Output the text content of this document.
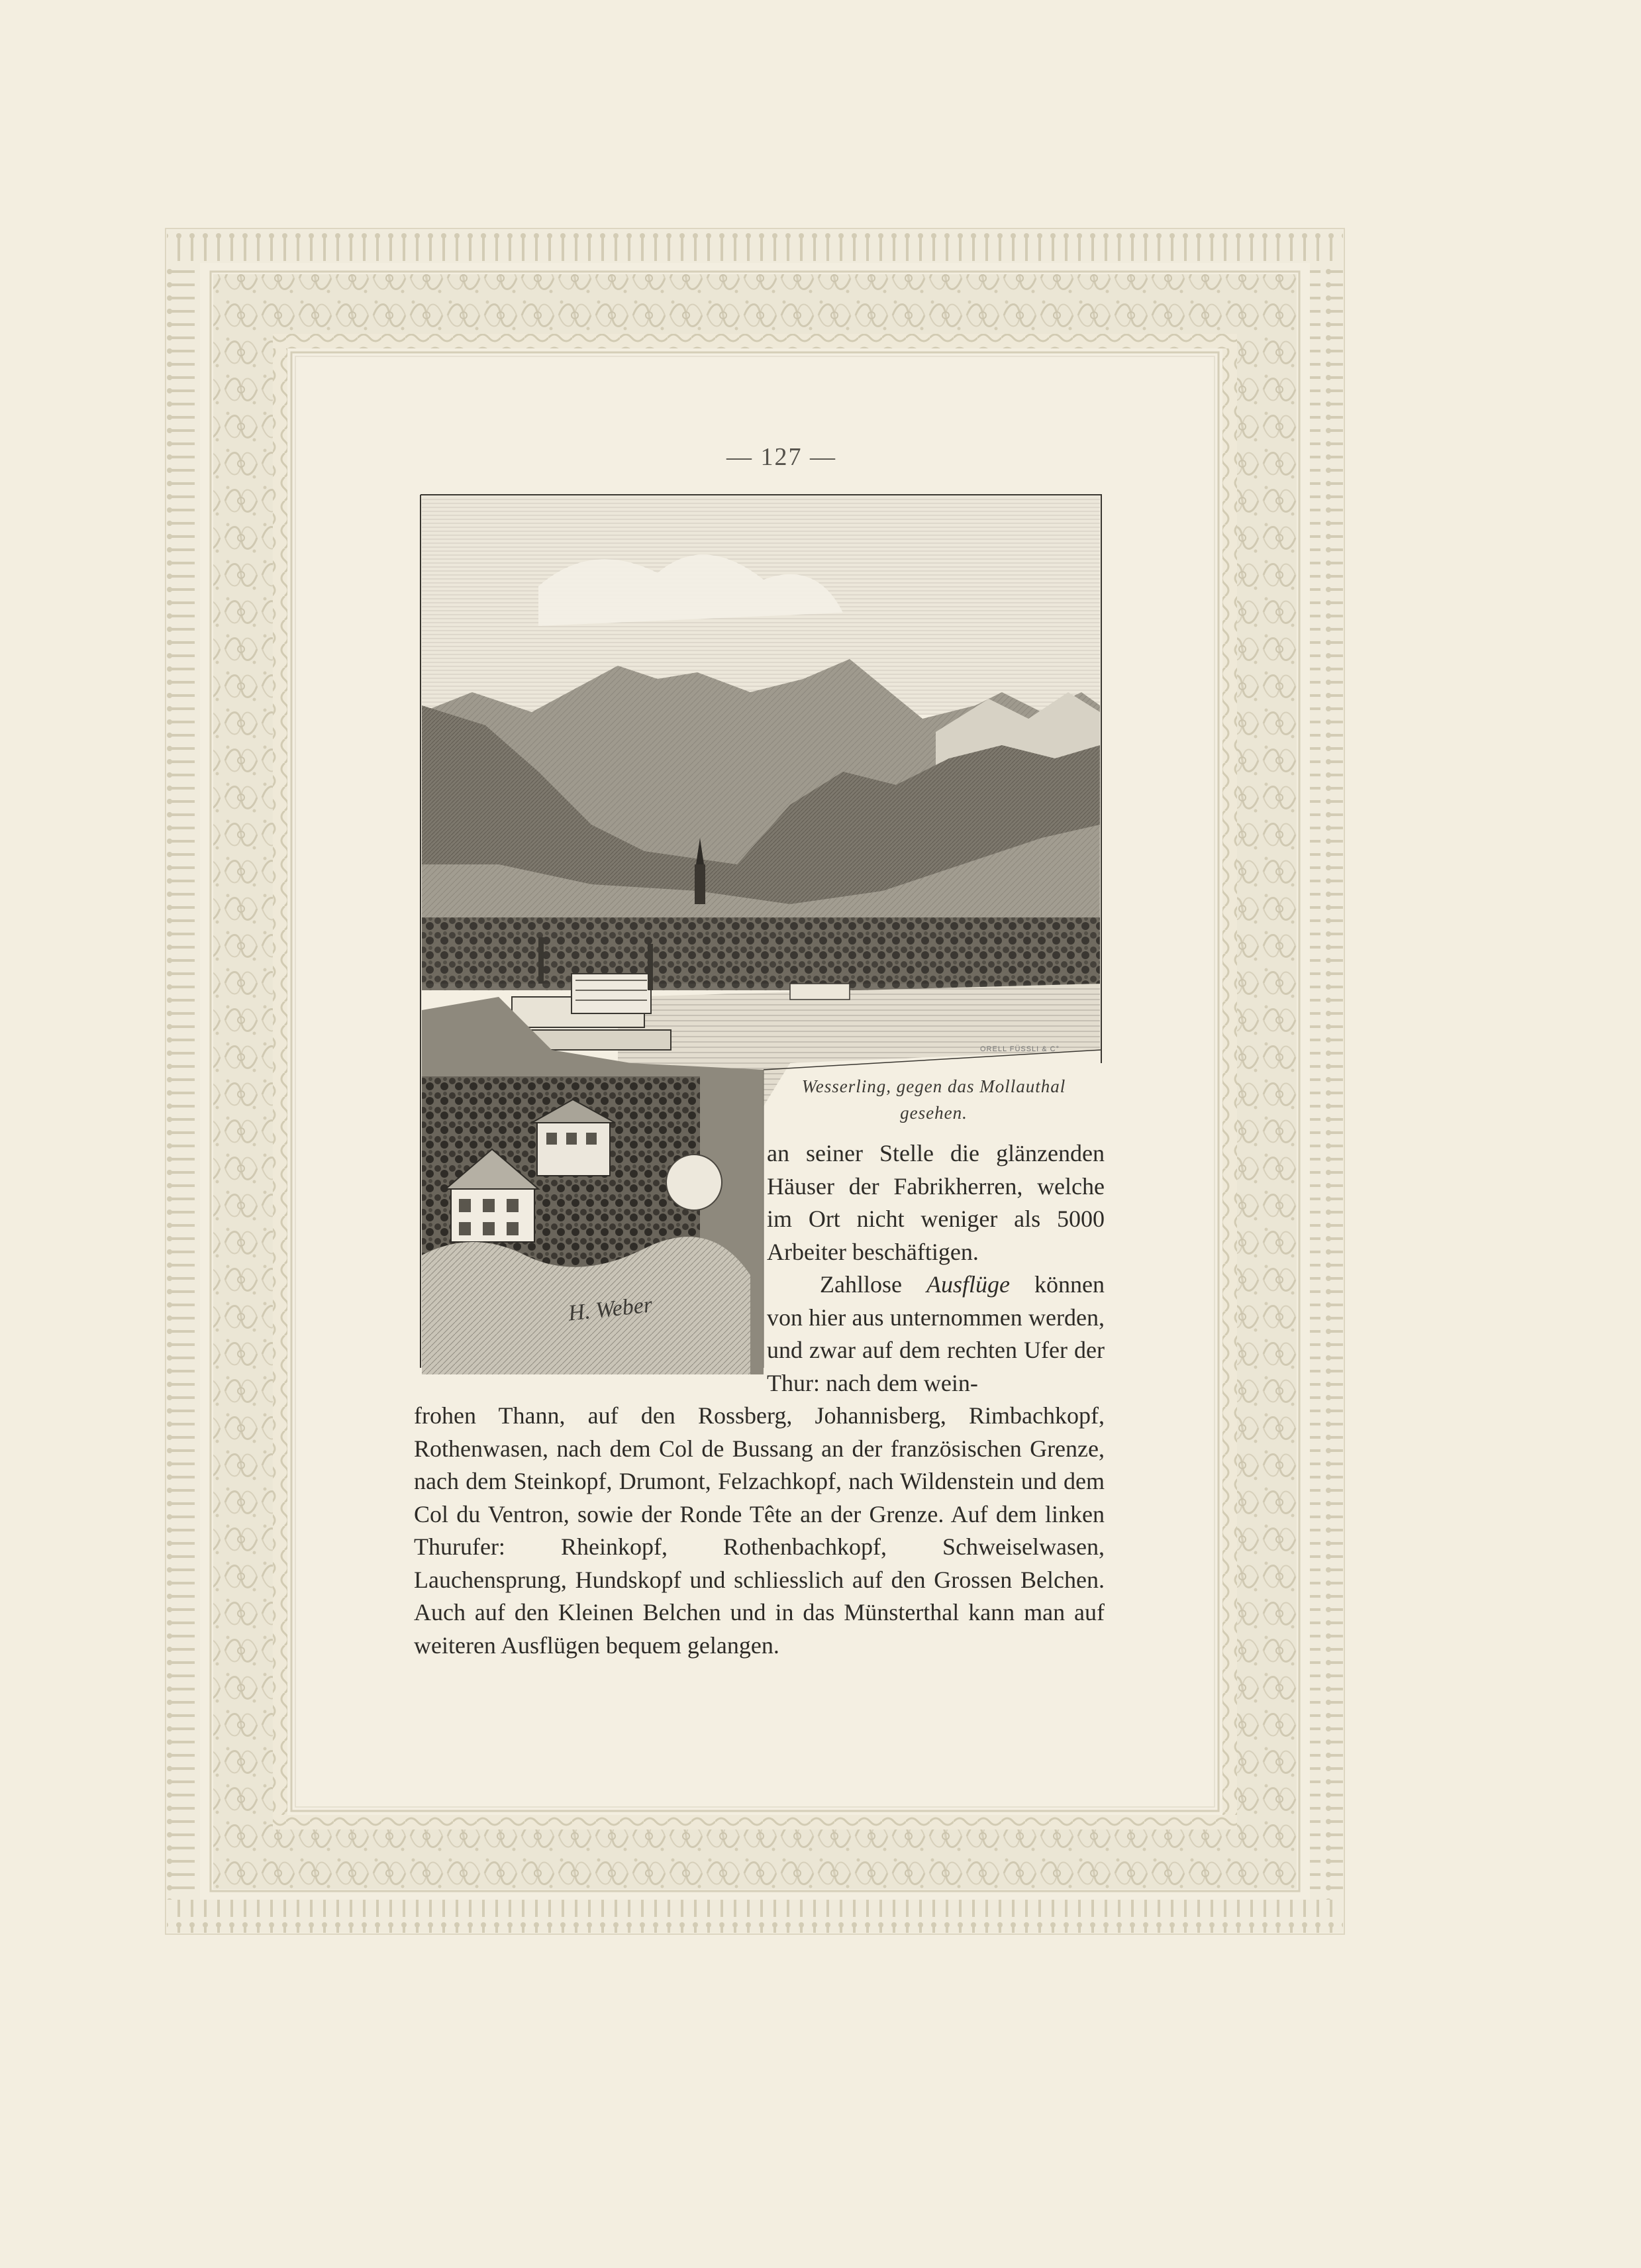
— 127 —
ORELL FÜSSLI & C°
H. Weber
Wesserling, gegen das Mollauthal
gesehen.

an seiner Stelle die glänzenden Häuser der Fabrikherren, welche im Ort nicht weniger als 5000 Arbeiter beschäftigen.

Zahllose Ausflüge können von hier aus unternommen werden, und zwar auf dem rechten Ufer der Thur: nach dem wein-

frohen Thann, auf den Rossberg, Johannisberg, Rimbachkopf, Rothenwasen, nach dem Col de Bussang an der französischen Grenze, nach dem Steinkopf, Drumont, Felzachkopf, nach Wildenstein und dem Col du Ventron, sowie der Ronde Tête an der Grenze. Auf dem linken Thurufer: Rheinkopf, Rothenbachkopf, Schweiselwasen, Lauchensprung, Hundskopf und schliesslich auf den Grossen Belchen. Auch auf den Kleinen Belchen und in das Münsterthal kann man auf weiteren Ausflügen bequem gelangen.
